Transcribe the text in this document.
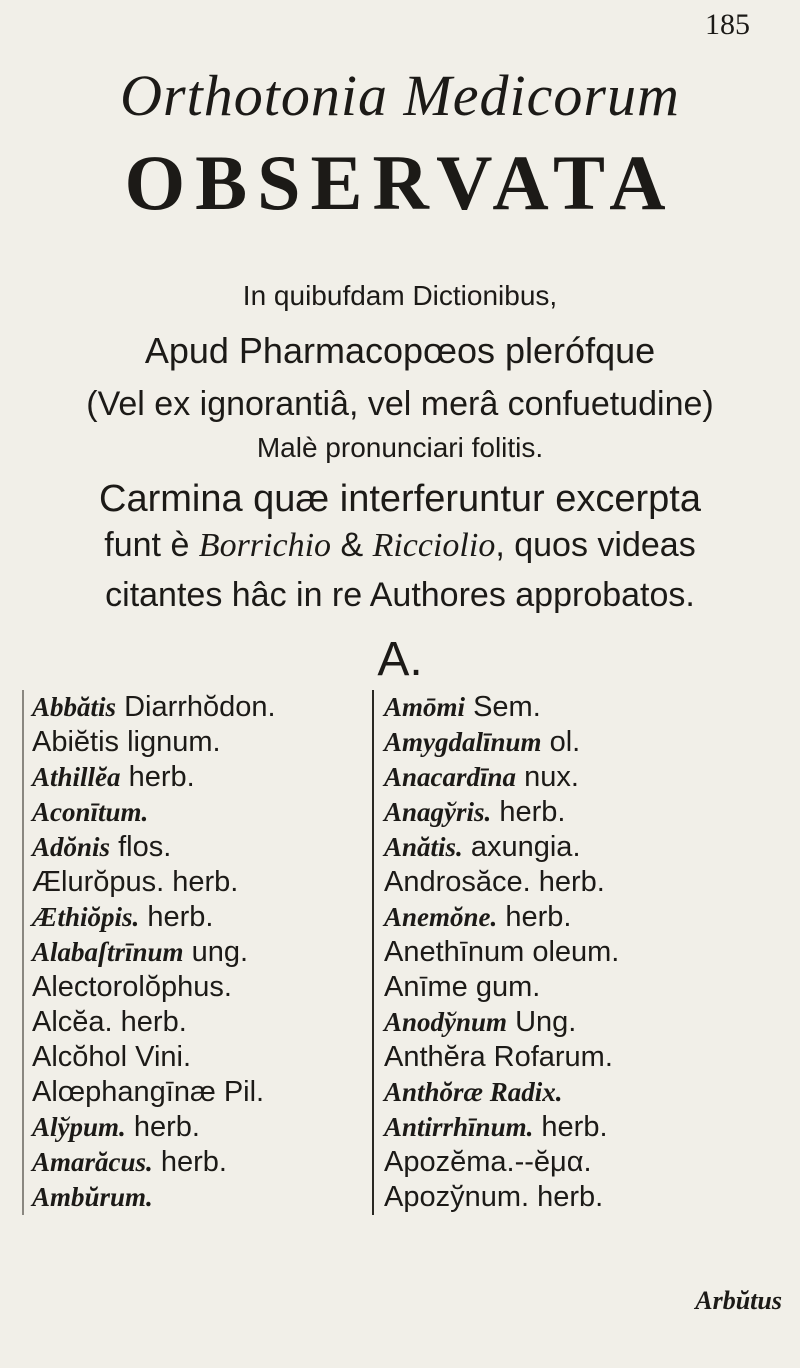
185
Orthotonia Medicorum
OBSERVATA
In quibufdam Dictionibus,
Apud Pharmacopœos plerófque
(Vel ex ignorantiâ, vel merâ confuetudine)
Malè pronunciari folitis.
Carmina quæ interferuntur excerpta
funt è Borrichio & Ricciolio, quos videas
citantes hâc in re Authores approbatos.
A.
Abbătis Diarrhŏdon.
Abiĕtis lignum.
Athillĕa herb.
Aconītum.
Adŏnis flos.
Ælurŏpus. herb.
Æthiŏpis. herb.
Alabaſtrīnum ung.
Alectorolŏphus.
Alcĕa. herb.
Alcŏhol Vini.
Alœphangīnæ Pil.
Alўpum. herb.
Amarăcus. herb.
Ambŭrum.
Amōmi Sem.
Amygdalīnum ol.
Anacardīna nux.
Anagўris. herb.
Anătis. axungia.
Androsăce. herb.
Anemŏne. herb.
Anethīnum oleum.
Anīme gum.
Anodўnum Ung.
Anthĕra Rofarum.
Anthŏræ Radix.
Antirrhīnum. herb.
Apozĕma.--ĕμα.
Apozўnum. herb.
Arbŭtus
